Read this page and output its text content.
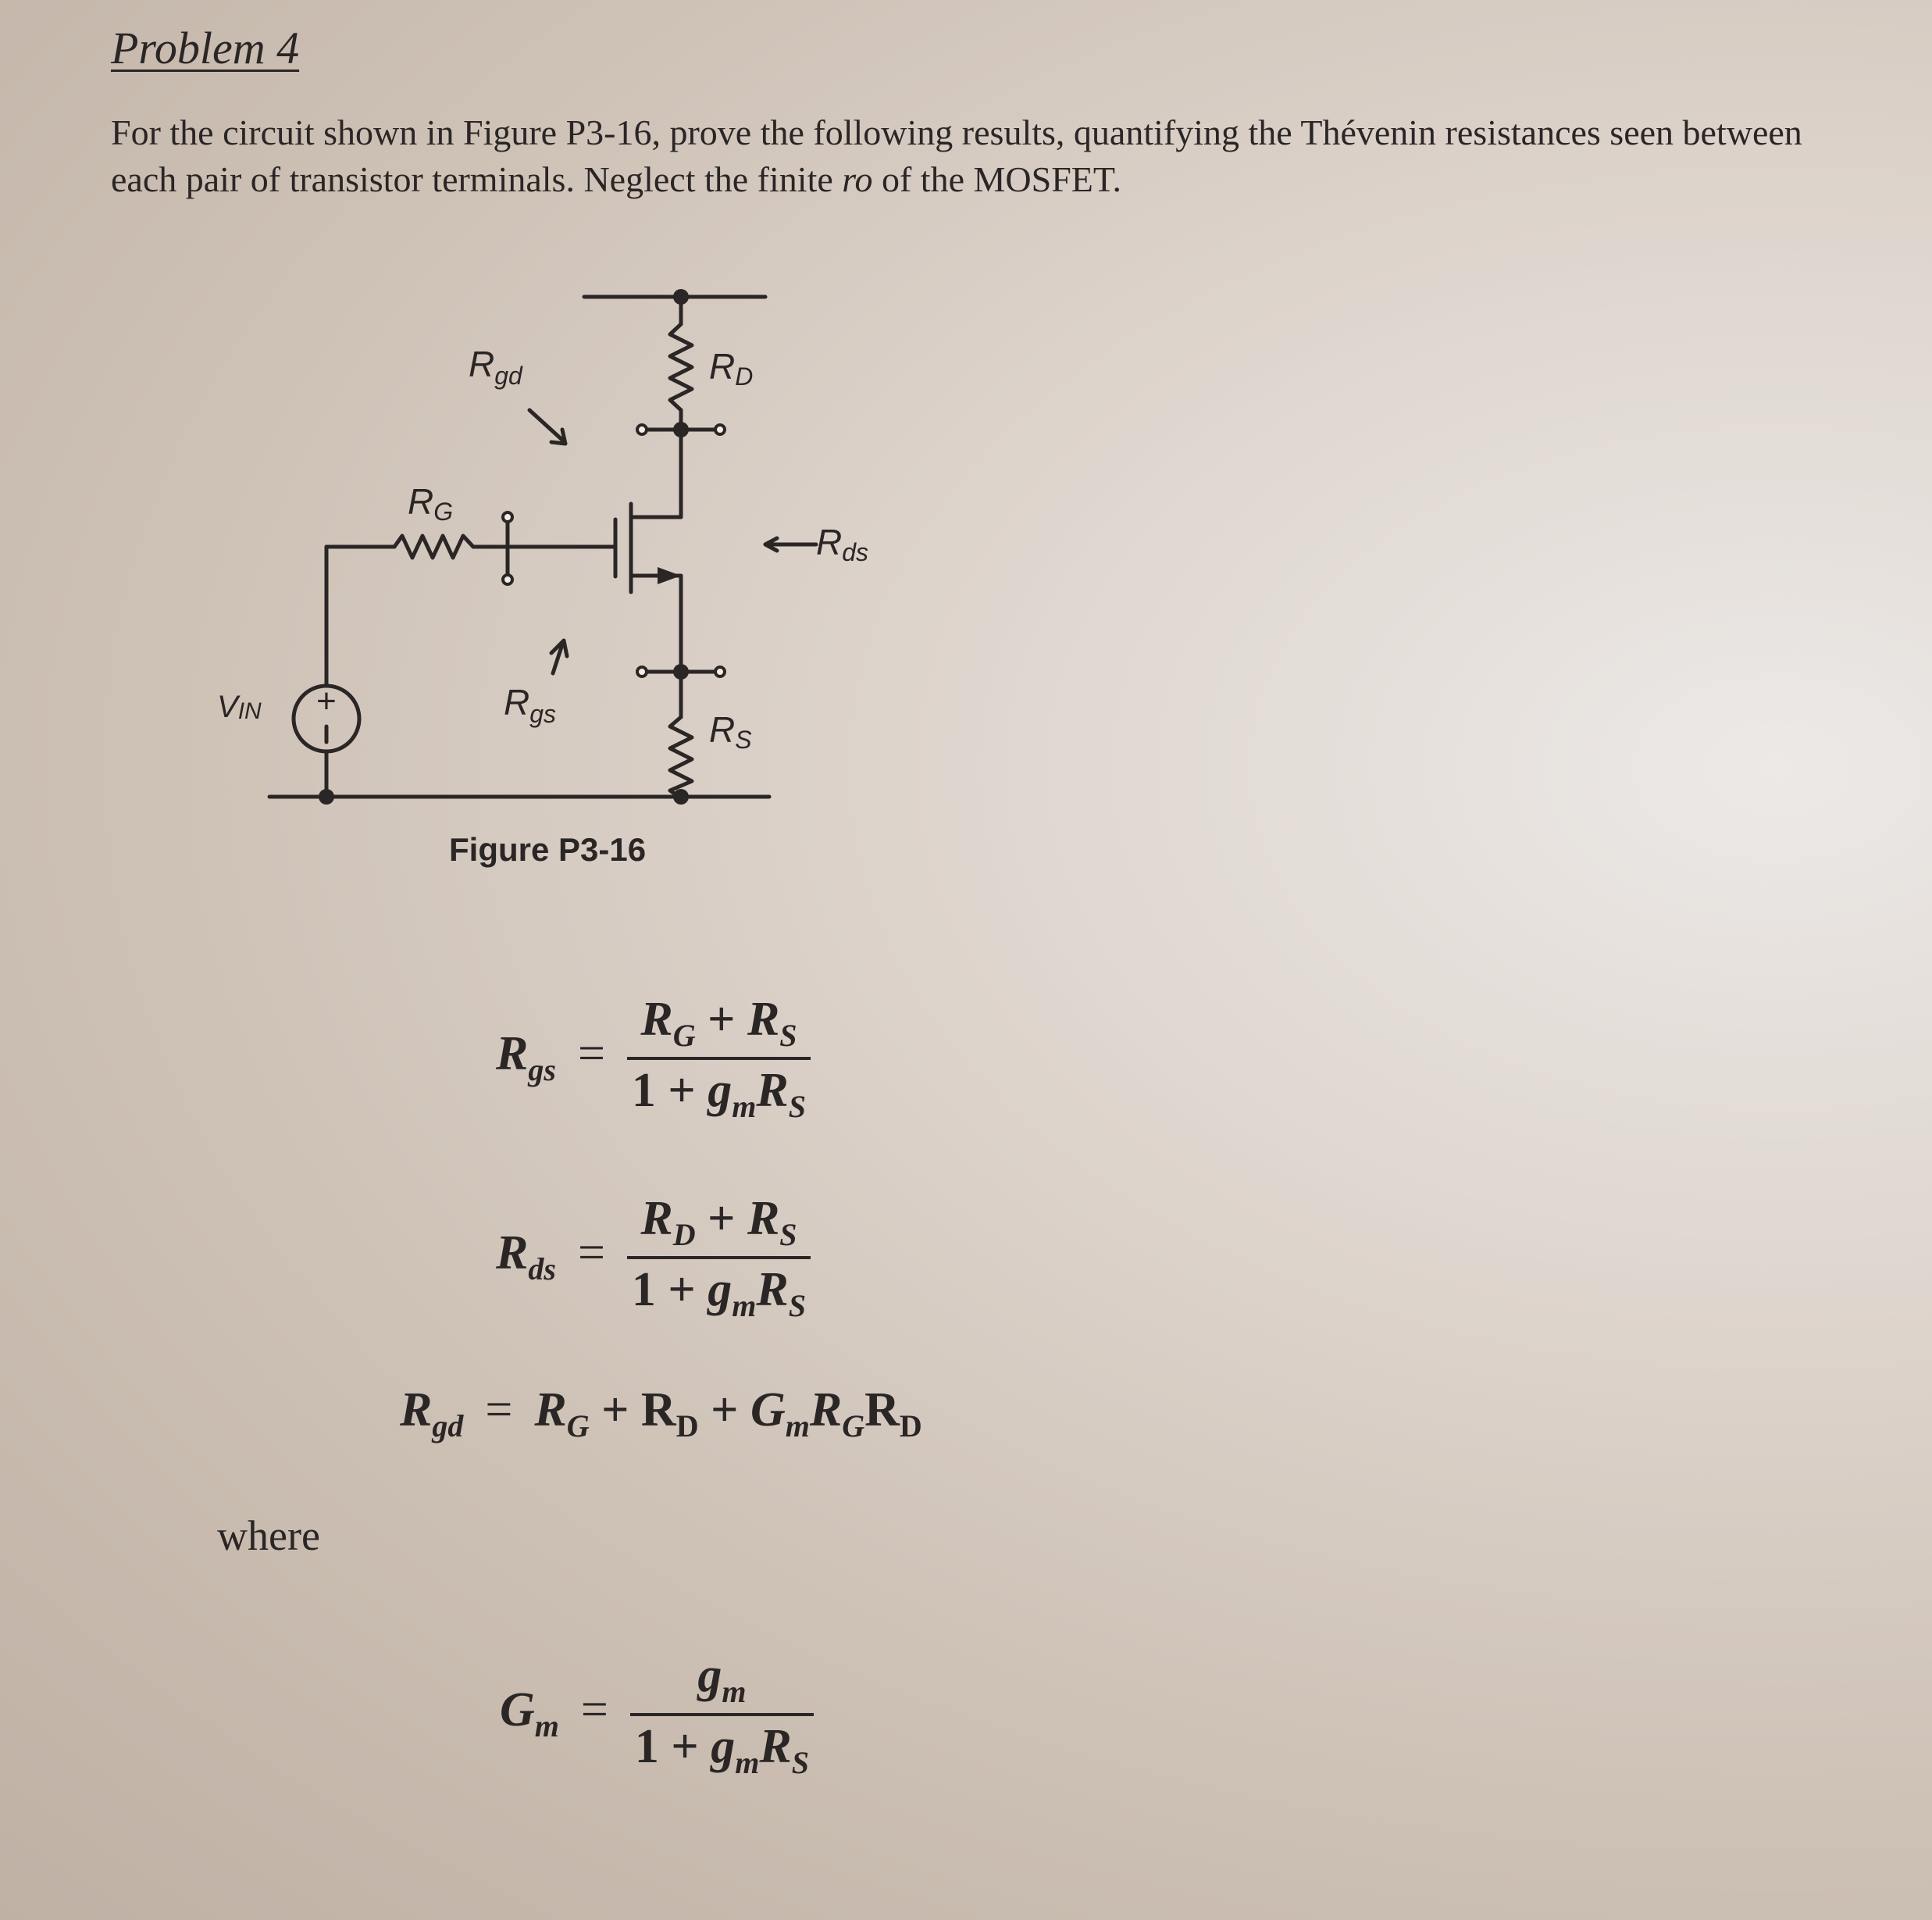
Problem 4

For the circuit shown in Figure P3-16, prove the following results, quantifying the Thévenin resistances seen between each pair of transistor terminals. Neglect the finite ro of the MOSFET.

+
$R_{gd}$	RD
RG
Rds
$R_{gs}$	RS
VIN
Figure P3-16
$R_{gs} = \frac{R_G + R_S}{1 + g_mR_S}$
$R_{ds} = \frac{R_D + R_S}{1 + g_mR_S}$
$R_{gd} = R_G + R_D + G_mR_GR_D$

where

$G_m = \frac{g_m}{1 + g_mR_S}$
